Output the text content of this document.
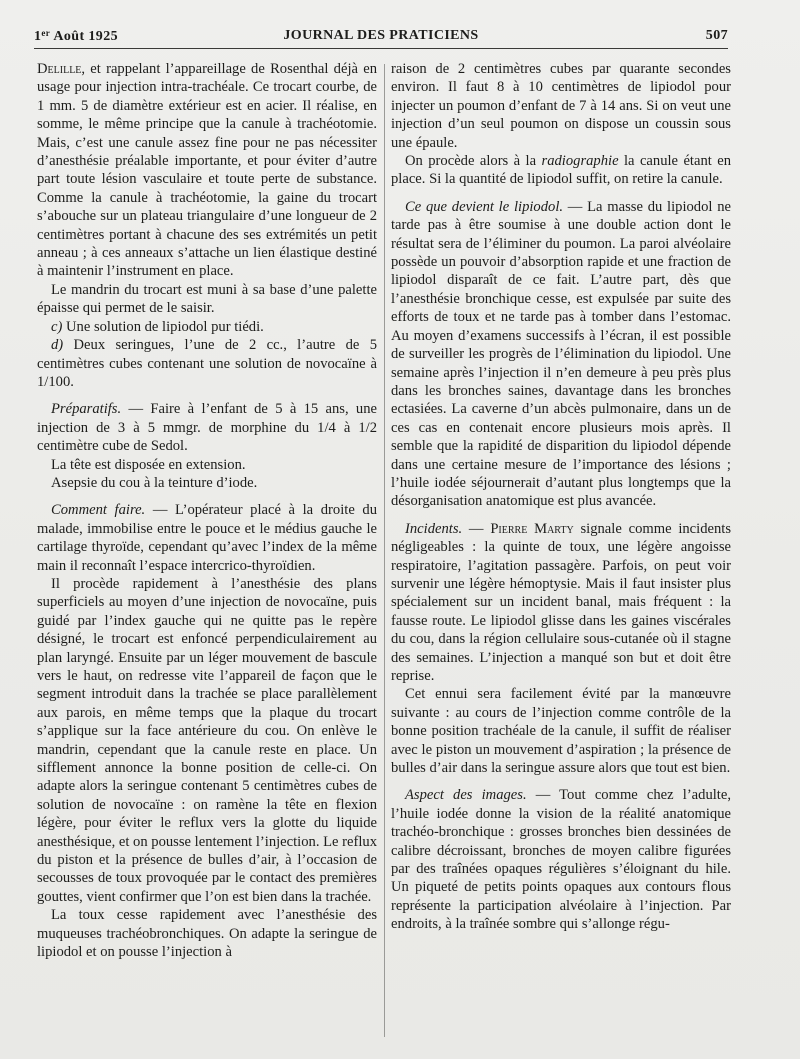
1er Août 1925	JOURNAL DES PRATICIENS	507

Delille, et rappelant l’appareillage de Rosenthal déjà en usage pour injection intra-trachéale. Ce trocart courbe, de 1 mm. 5 de diamètre extérieur est en acier. Il réalise, en somme, le même principe que la canule à trachéotomie. Mais, c’est une canule assez fine pour ne pas nécessiter d’anesthésie préalable importante, et pour éviter d’autre part toute lésion vasculaire et toute perte de substance. Comme la canule à trachéotomie, la gaine du trocart s’abouche sur un plateau triangulaire d’une longueur de 2 centimètres portant à chacune des ses extrémités un petit anneau ; à ces anneaux s’attache un lien élastique destiné à maintenir l’instrument en place.

Le mandrin du trocart est muni à sa base d’une palette épaisse qui permet de le saisir.

c) Une solution de lipiodol pur tiédi.

d) Deux seringues, l’une de 2 cc., l’autre de 5 centimètres cubes contenant une solution de novocaïne à 1/100.

Préparatifs. — Faire à l’enfant de 5 à 15 ans, une injection de 3 à 5 mmgr. de morphine du 1/4 à 1/2 centimètre cube de Sedol.

La tête est disposée en extension.

Asepsie du cou à la teinture d’iode.

Comment faire. — L’opérateur placé à la droite du malade, immobilise entre le pouce et le médius gauche le cartilage thyroïde, cependant qu’avec l’index de la même main il reconnaît l’espace intercrico-thyroïdien.

Il procède rapidement à l’anesthésie des plans superficiels au moyen d’une injection de novocaïne, puis guidé par l’index gauche qui ne quitte pas le repère désigné, le trocart est enfoncé perpendiculairement au plan laryngé. Ensuite par un léger mouvement de bascule vers le haut, on redresse vite l’appareil de façon que le segment introduit dans la trachée se place parallèlement aux parois, en même temps que la plaque du trocart s’applique sur la face antérieure du cou. On enlève le mandrin, cependant que la canule reste en place. Un sifflement annonce la bonne position de celle-ci. On adapte alors la seringue contenant 5 centimètres cubes de solution de novocaïne : on ramène la tête en flexion légère, pour éviter le reflux vers la glotte du liquide anesthésique, et on pousse lentement l’injection. Le reflux du piston et la présence de bulles d’air, à l’occasion de secousses de toux provoquée par le contact des premières gouttes, vient confirmer que l’on est bien dans la trachée.

La toux cesse rapidement avec l’anesthésie des muqueuses trachéobronchiques. On adapte la seringue de lipiodol et on pousse l’injection à

raison de 2 centimètres cubes par quarante secondes environ. Il faut 8 à 10 centimètres de lipiodol pour injecter un poumon d’enfant de 7 à 14 ans. Si on veut une injection d’un seul poumon on dispose un coussin sous une épaule.

On procède alors à la radiographie la canule étant en place. Si la quantité de lipiodol suffit, on retire la canule.

Ce que devient le lipiodol. — La masse du lipiodol ne tarde pas à être soumise à une double action dont le résultat sera de l’éliminer du poumon. La paroi alvéolaire possède un pouvoir d’absorption rapide et une fraction de lipiodol disparaît de ce fait. L’autre part, dès que l’anesthésie bronchique cesse, est expulsée par suite des efforts de toux et ne tarde pas à tomber dans l’estomac. Au moyen d’examens successifs à l’écran, il est possible de surveiller les progrès de l’élimination du lipiodol. Une semaine après l’injection il n’en demeure à peu près plus dans les bronches saines, davantage dans les bronches ectasiées. La caverne d’un abcès pulmonaire, dans un de ces cas en contenait encore plusieurs mois après. Il semble que la rapidité de disparition du lipiodol dépende dans une certaine mesure de l’importance des lésions ; l’huile iodée séjournerait d’autant plus longtemps que la désorganisation anatomique est plus avancée.

Incidents. — Pierre Marty signale comme incidents négligeables : la quinte de toux, une légère angoisse respiratoire, l’agitation passagère. Parfois, on peut voir survenir une légère hémoptysie. Mais il faut insister plus spécialement sur un incident banal, mais fréquent : la fausse route. Le lipiodol glisse dans les gaines viscérales du cou, dans la région cellulaire sous-cutanée où il stagne des semaines. L’injection a manqué son but et doit être reprise.

Cet ennui sera facilement évité par la manœuvre suivante : au cours de l’injection comme contrôle de la bonne position trachéale de la canule, il suffit de réaliser avec le piston un mouvement d’aspiration ; la présence de bulles d’air dans la seringue assure alors que tout est bien.

Aspect des images. — Tout comme chez l’adulte, l’huile iodée donne la vision de la réalité anatomique trachéo-bronchique : grosses bronches bien dessinées de calibre décroissant, bronches de moyen calibre figurées par des traînées opaques régulières s’éloignant du hile. Un piqueté de petits points opaques aux contours flous représente la participation alvéolaire à l’injection. Par endroits, à la traînée sombre qui s’allonge régu-
